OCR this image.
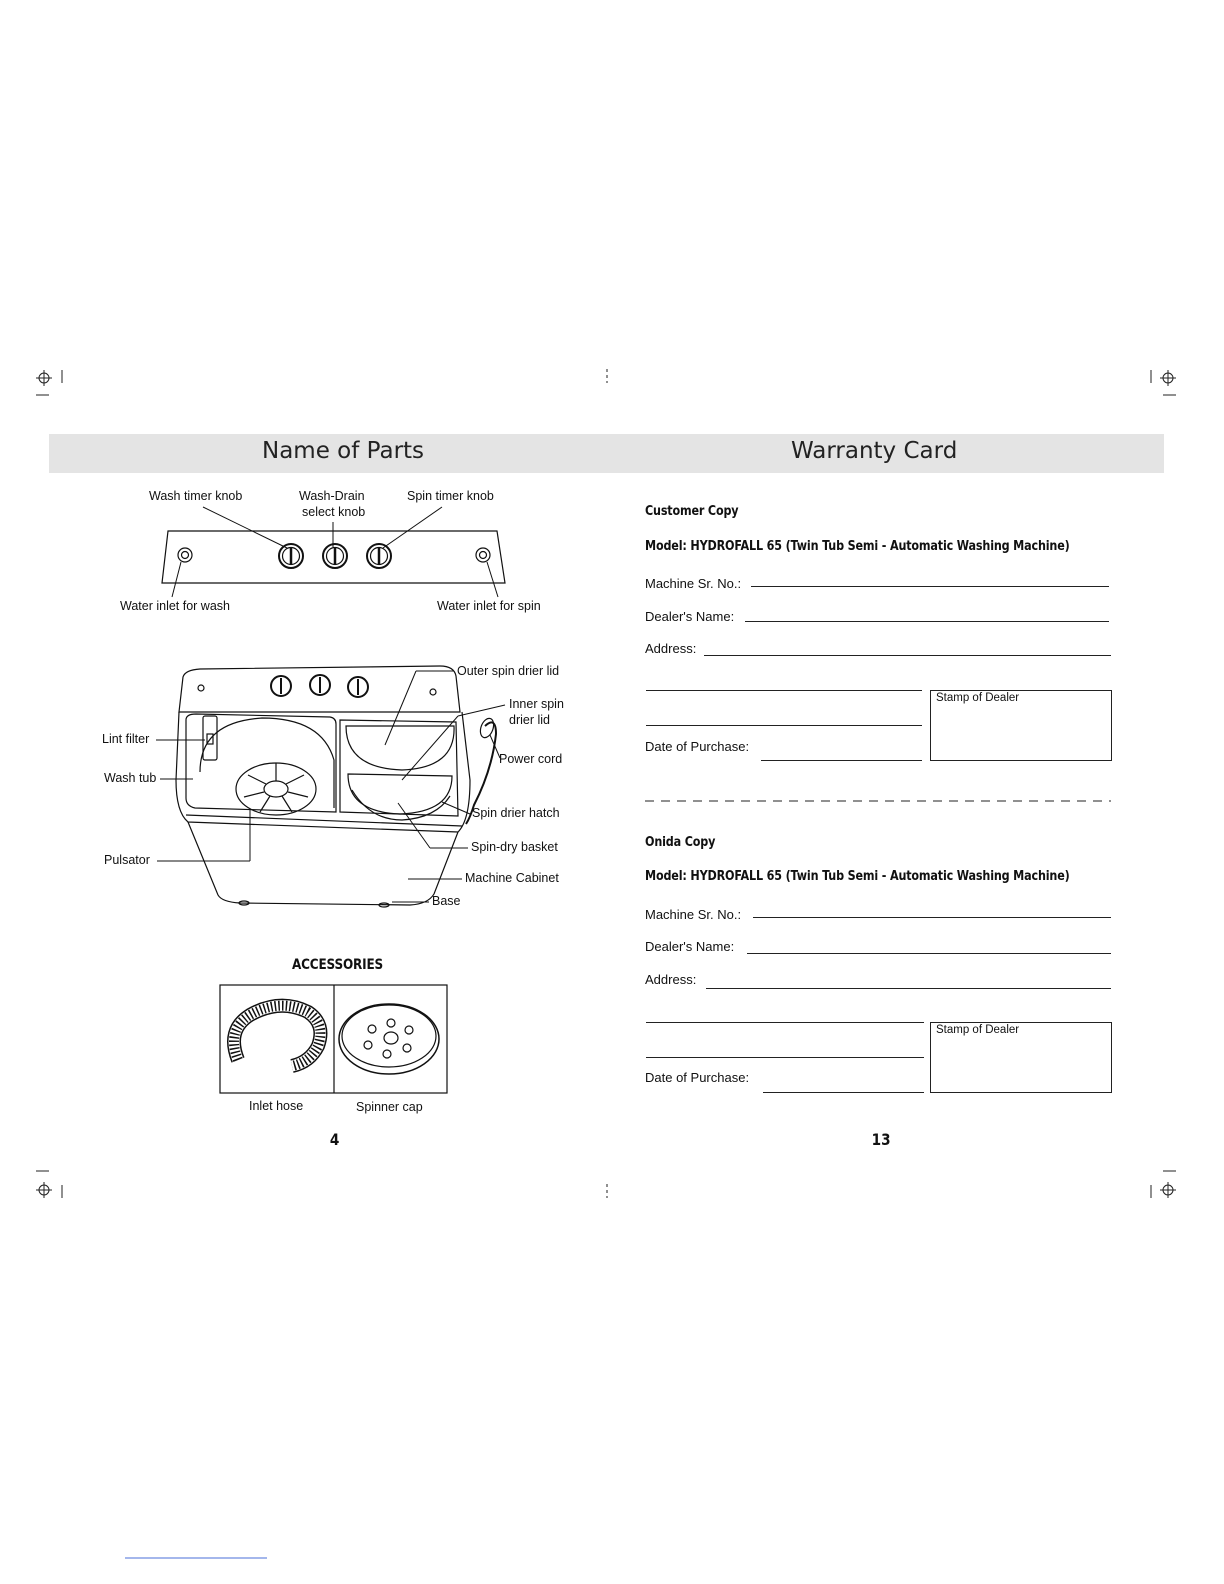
Name of Parts	Warranty Card
Wash timer knob	Wash-Drain
select knob
Spin timer knob
Water inlet for wash	Water inlet for spin
Outer spin drier lid
Inner spin
drier lid
Power cord
Lint filter
Wash tub
Spin drier hatch
Spin-dry basket
Pulsator
Machine Cabinet
Base
ACCESSORIES
Inlet hose	Spinner cap
4
Customer Copy
Model: HYDROFALL 65 (Twin Tub Semi - Automatic Washing Machine)
Machine Sr. No.:
Dealer's Name:
Address:
Date of Purchase:
Stamp of Dealer
Onida Copy
Model: HYDROFALL 65 (Twin Tub Semi - Automatic Washing Machine)
Machine Sr. No.:
Dealer's Name:
Address:
Date of Purchase:
Stamp of Dealer
13
